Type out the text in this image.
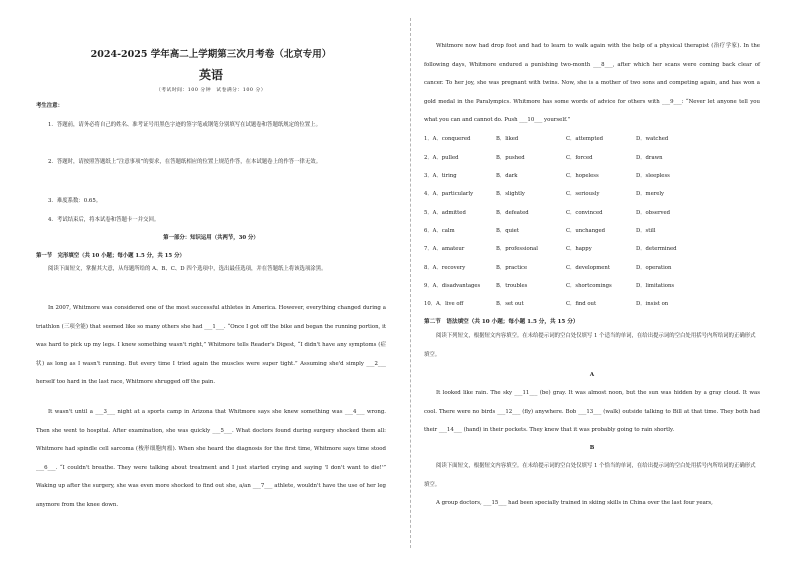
2024-2025 学年高二上学期第三次月考卷（北京专用）
英语
（考试时间：100 分钟　试卷满分：100 分）
考生注意：
1．答题前，请务必将自己的姓名、准考证号用黑色字迹的签字笔或钢笔分别填写在试题卷和答题纸规定的位置上。
2．答题时，请按照答题纸上“注意事项”的要求，在答题纸相应的位置上规范作答，在本试题卷上的作答一律无效。
3．难度系数：0.65。
4．考试结束后，将本试卷和答题卡一并交回。
第一部分：知识运用（共两节，30 分）
第一节　完形填空（共 10 小题；每小题 1.5 分，共 15 分）
阅读下面短文，掌握其大意，从每题所给的 A、B、C、D 四个选项中，选出最佳选项，并在答题纸上将该选项涂黑。
In 2007, Whitmore was considered one of the most successful athletes in America. However, everything changed during a triathlon (三项全能) that seemed like so many others she had ___1___. “Once I got off the bike and began the running portion, it was hard to pick up my legs. I knew something wasn't right,” Whitmore tells Reader's Digest, “I didn't have any symptoms (症状) as long as I wasn't running. But every time I tried again the muscles were super tight.” Assuming she'd simply ___2___ herself too hard in the last race, Whitmore shrugged off the pain.
It wasn't until a ___3___ night at a sports camp in Arizona that Whitmore says she knew something was ___4___ wrong. Then she went to hospital. After examination, she was quickly ___5___. What doctors found during surgery shocked them all: Whitmore had spindle cell sarcoma (梭形细胞肉瘤). When she heard the diagnosis for the first time, Whitmore says time stood ___6___. “I couldn't breathe. They were talking about treatment and I just started crying and saying 'I don't want to die!'” Waking up after the surgery, she was even more shocked to find out she, a/an ___7___ athlete, wouldn't have the use of her leg anymore from the knee down.
Whitmore now had drop foot and had to learn to walk again with the help of a physical therapist (治疗学家). In the following days, Whitmore endured a punishing two-month ___8___, after which her scans were coming back clear of cancer. To her joy, she was pregnant with twins. Now, she is a mother of two sons and competing again, and has won a gold medal in the Paralympics. Whitmore has some words of advice for others with ___9___: “Never let anyone tell you what you can and cannot do. Push ___10___ yourself.”
1．A．conquered	B．liked	C．attempted	D．watched
2．A．pulled	B．pushed	C．forced	D．drawn
3．A．tiring	B．dark	C．hopeless	D．sleepless
4．A．particularly	B．slightly	C．seriously	D．merely
5．A．admitted	B．defeated	C．convinced	D．observed
6．A．calm	B．quiet	C．unchanged	D．still
7．A．amateur	B．professional	C．happy	D．determined
8．A．recovery	B．practice	C．development	D．operation
9．A．disadvantages	B．troubles	C．shortcomings	D．limitations
10．A．live off	B．set out	C．find out	D．insist on
第二节　语法填空（共 10 小题；每小题 1.5 分，共 15 分）
阅读下列短文，根据短文内容填空。在未给提示词的空白处仅填写 1 个适当的单词，在给出提示词的空白处用括号内所给词的正确形式填空。
A
It looked like rain. The sky ___11___ (be) gray. It was almost noon, but the sun was hidden by a gray cloud. It was cool. There were no birds ___12___ (fly) anywhere. Bob ___13___ (walk) outside talking to Bill at that time. They both had their ___14___ (hand) in their pockets. They knew that it was probably going to rain shortly.
B
阅读下面短文，根据短文内容填空。在未给提示词的空白处仅填写 1 个恰当的单词，在给出提示词的空白处用括号内所给词的正确形式填空。
A group doctors, ___15___ had been specially trained in skiing skills in China over the last four years,
